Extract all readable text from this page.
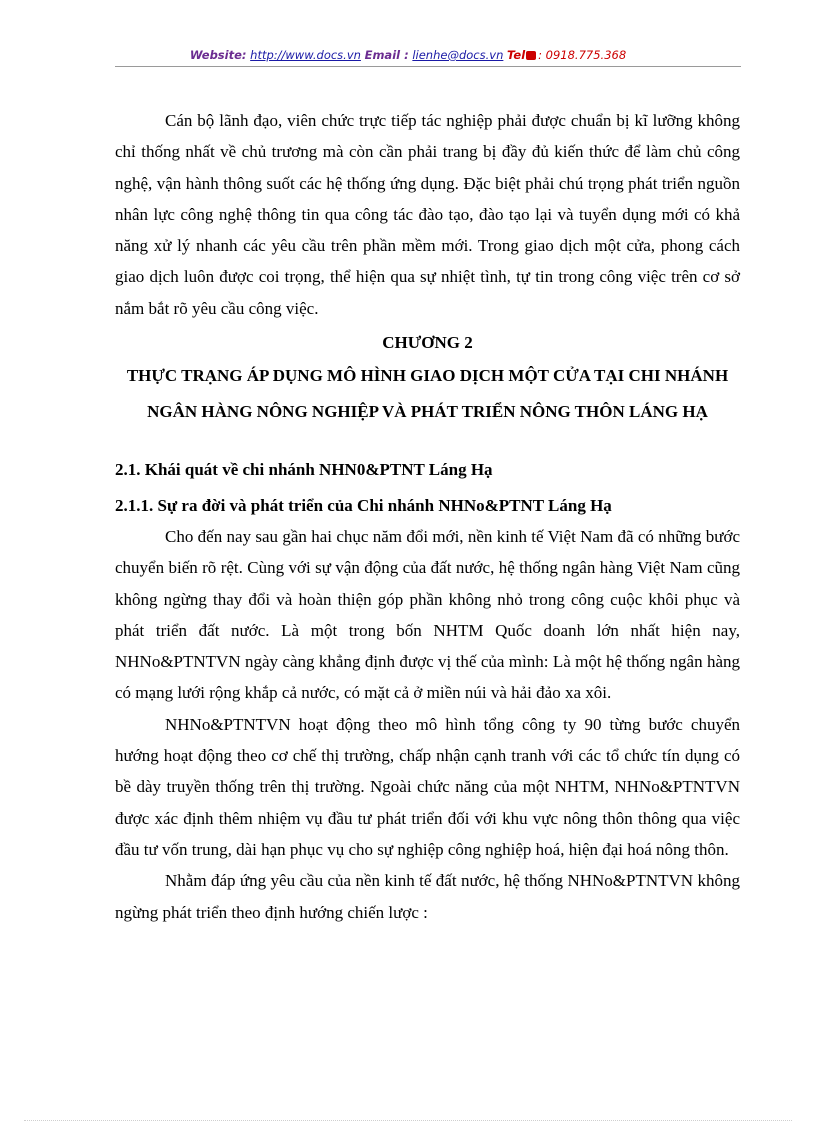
Website: http://www.docs.vn Email : lienhe@docs.vn Tel : 0918.775.368

Cán bộ lãnh đạo, viên chức trực tiếp tác nghiệp phải được chuẩn bị kĩ lưỡng không chỉ thống nhất về chủ trương mà còn cần phải trang bị đầy đủ kiến thức để làm chủ công nghệ, vận hành thông suốt các hệ thống ứng dụng. Đặc biệt phải chú trọng phát triển nguồn nhân lực công nghệ thông tin qua công tác đào tạo, đào tạo lại và tuyển dụng mới có khả năng xử lý nhanh các yêu cầu trên phần mềm mới. Trong giao dịch một cửa, phong cách giao dịch luôn được coi trọng, thể hiện qua sự nhiệt tình, tự tin trong công việc trên cơ sở nắm bắt rõ yêu cầu công việc.

CHƯƠNG 2

THỰC TRẠNG ÁP DỤNG MÔ HÌNH GIAO DỊCH MỘT CỬA TẠI CHI NHÁNH NGÂN HÀNG NÔNG NGHIỆP VÀ PHÁT TRIỂN NÔNG THÔN LÁNG HẠ

2.1. Khái quát về chi nhánh NHN0&PTNT Láng Hạ

2.1.1. Sự ra đời và phát triển của Chi nhánh NHNo&PTNT Láng Hạ

Cho đến nay sau gần hai chục năm đổi mới, nền kinh tế Việt Nam đã có những bước chuyển biến rõ rệt. Cùng với sự vận động của đất nước, hệ thống ngân hàng Việt Nam cũng không ngừng thay đổi và hoàn thiện góp phần không nhỏ trong công cuộc khôi phục và phát triển đất nước. Là một trong bốn NHTM Quốc doanh lớn nhất hiện nay, NHNo&PTNTVN ngày càng khẳng định được vị thế của mình: Là một hệ thống ngân hàng có mạng lưới rộng khắp cả nước, có mặt cả ở miền núi và hải đảo xa xôi.

NHNo&PTNTVN hoạt động theo mô hình tổng công ty 90 từng bước chuyển hướng hoạt động theo cơ chế thị trường, chấp nhận cạnh tranh với các tổ chức tín dụng có bề dày truyền thống trên thị trường. Ngoài chức năng của một NHTM, NHNo&PTNTVN được xác định thêm nhiệm vụ đầu tư phát triển đối với khu vực nông thôn thông qua việc đầu tư vốn trung, dài hạn phục vụ cho sự nghiệp công nghiệp hoá, hiện đại hoá nông thôn.

Nhằm đáp ứng yêu cầu của nền kinh tế đất nước, hệ thống NHNo&PTNTVN không ngừng phát triển theo định hướng chiến lược :
